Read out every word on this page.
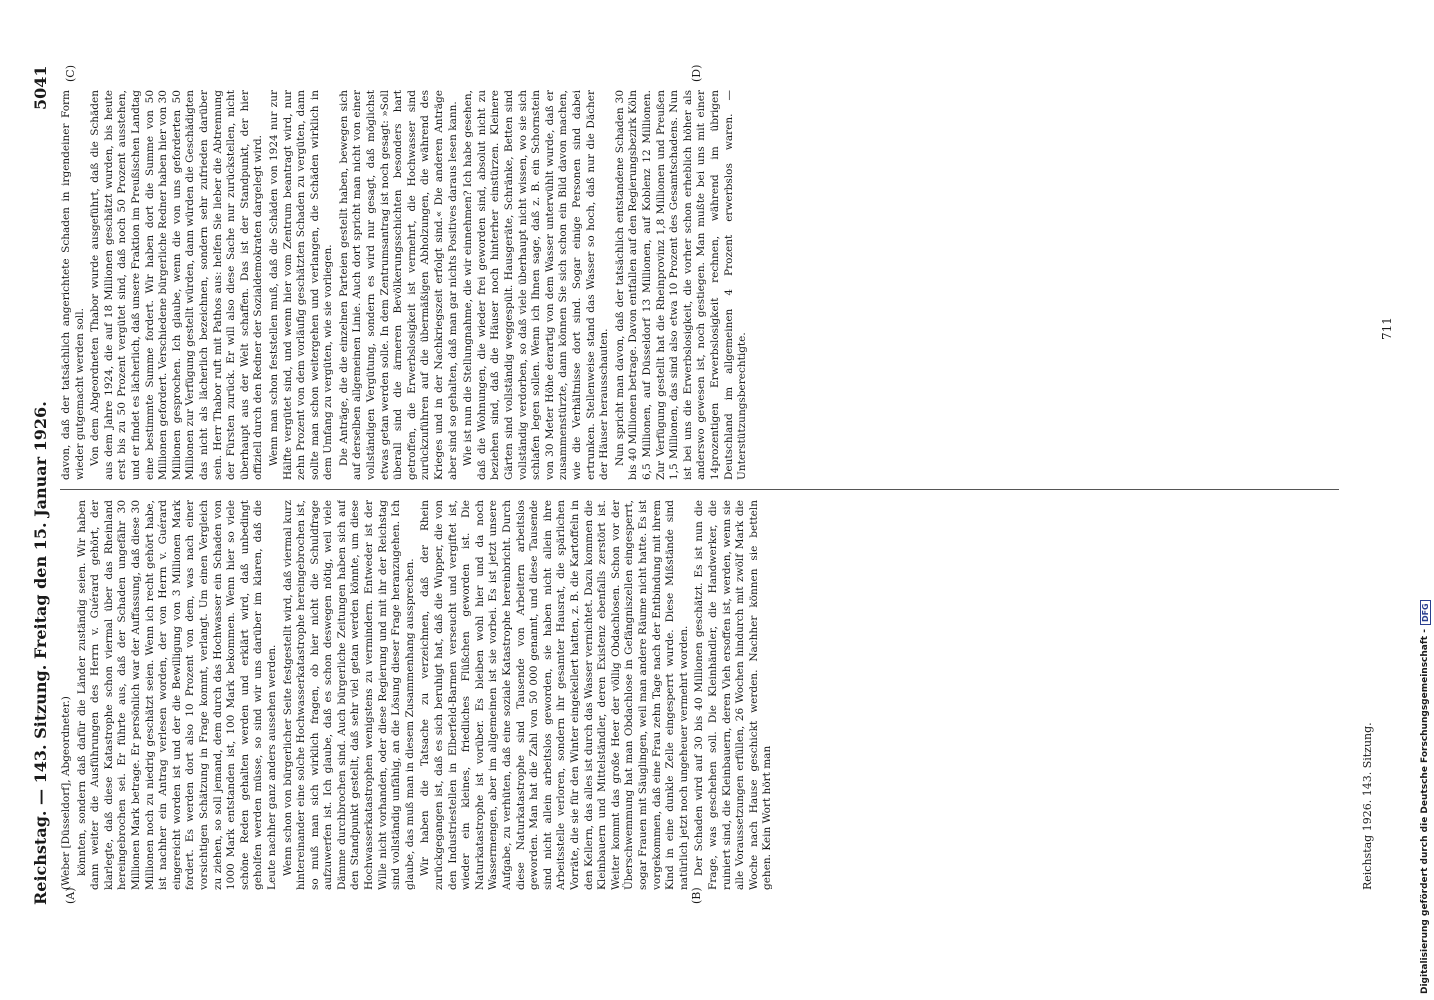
Reichstag. — 143. Sitzung. Freitag den 15. Januar 1926.
5041
(A)	(B)
(C)	(D)

(Weber [Düsseldorf], Abgeordneter.) könnten, sondern daß dafür die Länder zuständig seien. Wir haben dann weiter die Ausführungen des Herrn v. Guérard gehört, der klarlegte, daß diese Katastrophe schon viermal über das Rheinland hereingebrochen sei. Er führte aus, daß der Schaden ungefähr 30 Millionen Mark betrage. Er persönlich war der Auffassung, daß diese 30 Millionen noch zu niedrig geschätzt seien. Wenn ich recht gehört habe, ist nachher ein Antrag verlesen worden, der von Herrn v. Guérard eingereicht worden ist und der die Bewilligung von 3 Millionen Mark fordert. Es werden dort also 10 Prozent von dem, was nach einer vorsichtigen Schätzung in Frage kommt, verlangt. Um einen Vergleich zu ziehen, so soll jemand, dem durch das Hochwasser ein Schaden von 1000 Mark entstanden ist, 100 Mark bekommen. Wenn hier so viele schöne Reden gehalten werden und erklärt wird, daß unbedingt geholfen werden müsse, so sind wir uns darüber im klaren, daß die Leute nachher ganz anders aussehen werden. Wenn schon von bürgerlicher Seite festgestellt wird, daß viermal kurz hintereinander eine solche Hochwasserkatastrophe hereingebrochen ist, so muß man sich wirklich fragen, ob hier nicht die Schuldfrage aufzuwerfen ist. Ich glaube, daß es schon deswegen nötig, weil viele Dämme durchbrochen sind. Auch bürgerliche Zeitungen haben sich auf den Standpunkt gestellt, daß sehr viel getan werden könnte, um diese Hochwasserkatastrophen wenigstens zu vermindern. Entweder ist der Wille nicht vorhanden, oder diese Regierung und mit ihr der Reichstag sind vollständig unfähig, an die Lösung dieser Frage heranzugehen. Ich glaube, das muß man in diesem Zusammenhang aussprechen. Wir haben die Tatsache zu verzeichnen, daß der Rhein zurückgegangen ist, daß es sich beruhigt hat, daß die Wupper, die von den Industriestellen in Elberfeld-Barmen verseucht und vergiftet ist, wieder ein kleines, friedliches Flüßchen geworden ist. Die Naturkatastrophe ist vorüber. Es bleiben wohl hier und da noch Wassermengen, aber im allgemeinen ist sie vorbei. Es ist jetzt unsere Aufgabe, zu verhüten, daß eine soziale Katastrophe hereinbricht. Durch diese Naturkatastrophe sind Tausende von Arbeitern arbeitslos geworden. Man hat die Zahl von 50 000 genannt, und diese Tausende sind nicht allein arbeitslos geworden, sie haben nicht allein ihre Arbeitsstelle verloren, sondern ihr gesamter Hausrat, die spärlichen Vorräte, die sie für den Winter eingekellert hatten, z. B. die Kartoffeln in den Kellern, das alles ist durch das Wasser vernichtet. Dazu kommen die Kleinbauern und Mittelständler, deren Existenz ebenfalls zerstört ist. Weiter kommt das große Heer der völlig Obdachlosen. Schon vor der Überschwemmung hat man Obdachlose in Gefängniszellen eingesperrt, sogar Frauen mit Säuglingen, weil man andere Räume nicht hatte. Es ist vorgekommen, daß eine Frau zehn Tage nach der Entbindung mit ihrem Kind in eine dunkle Zelle eingesperrt wurde. Diese Mißstände sind natürlich jetzt noch ungeheuer vermehrt worden. Der Schaden wird auf 30 bis 40 Millionen geschätzt. Es ist nun die Frage, was geschehen soll. Die Kleinhändler, die Handwerker, die ruiniert sind, die Kleinbauern, deren Vieh ersoffen ist, werden, wenn sie alle Voraussetzungen erfüllen, 26 Wochen hindurch mit zwölf Mark die Woche nach Hause geschickt werden. Nachher können sie betteln gehen. Kein Wort hört man

davon, daß der tatsächlich angerichtete Schaden in irgendeiner Form wieder gutgemacht werden soll. Von dem Abgeordneten Thabor wurde ausgeführt, daß die Schäden aus dem Jahre 1924, die auf 18 Millionen geschätzt wurden, bis heute erst bis zu 50 Prozent vergütet sind, daß noch 50 Prozent ausstehen, und er findet es lächerlich, daß unsere Fraktion im Preußischen Landtag eine bestimmte Summe fordert. Wir haben dort die Summe von 50 Millionen gefordert. Verschiedene bürgerliche Redner haben hier von 30 Millionen gesprochen. Ich glaube, wenn die von uns geforderten 50 Millionen zur Verfügung gestellt würden, dann würden die Geschädigten das nicht als lächerlich bezeichnen, sondern sehr zufrieden darüber sein. Herr Thabor ruft mit Pathos aus: helfen Sie lieber die Abtrennung der Fürsten zurück. Er will also diese Sache nur zurückstellen, nicht überhaupt aus der Welt schaffen. Das ist der Standpunkt, der hier offiziell durch den Redner der Sozialdemokraten dargelegt wird. Wenn man schon feststellen muß, daß die Schäden von 1924 nur zur Hälfte vergütet sind, und wenn hier vom Zentrum beantragt wird, nur zehn Prozent von dem vorläufig geschätzten Schaden zu vergüten, dann sollte man schon weitergehen und verlangen, die Schäden wirklich in dem Umfang zu vergüten, wie sie vorliegen. Die Anträge, die die einzelnen Parteien gestellt haben, bewegen sich auf derselben allgemeinen Linie. Auch dort spricht man nicht von einer vollständigen Vergütung, sondern es wird nur gesagt, daß möglichst etwas getan werden solle. In dem Zentrumsantrag ist noch gesagt: »Soll überall sind die ärmeren Bevölkerungsschichten besonders hart getroffen, die Erwerbslosigkeit ist vermehrt, die Hochwasser sind zurückzuführen auf die übermäßigen Abholzungen, die während des Krieges und in der Nachkriegszeit erfolgt sind.« Die anderen Anträge aber sind so gehalten, daß man gar nichts Positives daraus lesen kann. Wie ist nun die Stellungnahme, die wir einnehmen? Ich habe gesehen, daß die Wohnungen, die wieder frei geworden sind, absolut nicht zu beziehen sind, daß die Häuser noch hinterher einstürzen. Kleinere Gärten sind vollständig weggespült. Hausgeräte, Schränke, Betten sind vollständig verdorben, so daß viele überhaupt nicht wissen, wo sie sich schlafen legen sollen. Wenn ich Ihnen sage, daß z. B. ein Schornstein von 30 Meter Höhe derartig von dem Wasser unterwühlt wurde, daß er zusammenstürzte, dann können Sie sich schon ein Bild davon machen, wie die Verhältnisse dort sind. Sogar einige Personen sind dabei ertrunken. Stellenweise stand das Wasser so hoch, daß nur die Dächer der Häuser herausschauten. Nun spricht man davon, daß der tatsächlich entstandene Schaden 30 bis 40 Millionen betrage. Davon entfallen auf den Regierungsbezirk Köln 6,5 Millionen, auf Düsseldorf 13 Millionen, auf Koblenz 12 Millionen. Zur Verfügung gestellt hat die Rheinprovinz 1,8 Millionen und Preußen 1,5 Millionen, das sind also etwa 10 Prozent des Gesamtschadens. Nun ist bei uns die Erwerbslosigkeit, die vorher schon erheblich höher als anderswo gewesen ist, noch gestiegen. Man mußte bei uns mit einer 14prozentigen Erwerbslosigkeit rechnen, während im übrigen Deutschland im allgemeinen 4 Prozent erwerbslos waren. — Unterstützungsberechtigte.

Reichstag 1926. 143. Sitzung.
711
Digitalisierung gefördert durch die Deutsche Forschungsgemeinschaft -
DFG
